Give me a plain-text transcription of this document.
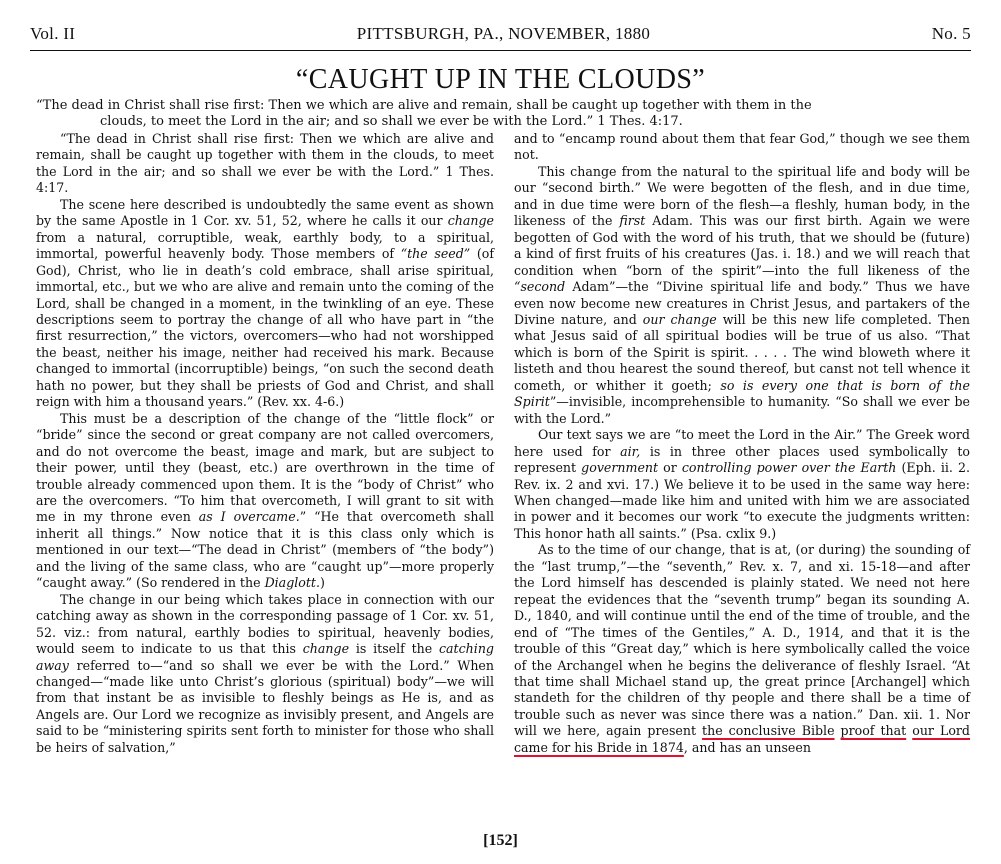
Vol. II	PITTSBURGH, PA., NOVEMBER, 1880	No. 5
“CAUGHT UP IN THE CLOUDS”
“The dead in Christ shall rise first: Then we which are alive and remain, shall be caught up together with them in the
clouds, to meet the Lord in the air; and so shall we ever be with the Lord.” 1 Thes. 4:17.

“The dead in Christ shall rise first: Then we which are alive and remain, shall be caught up together with them in the clouds, to meet the Lord in the air; and so shall we ever be with the Lord.” 1 Thes. 4:17.

The scene here described is undoubtedly the same event as shown by the same Apostle in 1 Cor. xv. 51, 52, where he calls it our change from a natural, corruptible, weak, earthly body, to a spiritual, immortal, powerful heavenly body. Those members of “the seed” (of God), Christ, who lie in death’s cold embrace, shall arise spiritual, immortal, etc., but we who are alive and remain unto the coming of the Lord, shall be changed in a moment, in the twinkling of an eye. These descriptions seem to portray the change of all who have part in “the first resurrection,” the victors, overcomers—who had not worshipped the beast, neither his image, neither had received his mark. Because changed to immortal (incorruptible) beings, “on such the second death hath no power, but they shall be priests of God and Christ, and shall reign with him a thousand years.” (Rev. xx. 4-6.)

This must be a description of the change of the “little flock” or “bride” since the second or great company are not called overcomers, and do not overcome the beast, image and mark, but are subject to their power, until they (beast, etc.) are overthrown in the time of trouble already commenced upon them. It is the “body of Christ” who are the overcomers. “To him that overcometh, I will grant to sit with me in my throne even as I overcame.” “He that overcometh shall inherit all things.” Now notice that it is this class only which is mentioned in our text—“The dead in Christ” (members of “the body”) and the living of the same class, who are “caught up”—more properly “caught away.” (So rendered in the Diaglott.)

The change in our being which takes place in connection with our catching away as shown in the corresponding passage of 1 Cor. xv. 51, 52. viz.: from natural, earthly bodies to spiritual, heavenly bodies, would seem to indicate to us that this change is itself the catching away referred to—“and so shall we ever be with the Lord.” When changed—“made like unto Christ’s glorious (spiritual) body”—we will from that instant be as invisible to fleshly beings as He is, and as Angels are. Our Lord we recognize as invisibly present, and Angels are said to be “ministering spirits sent forth to minister for those who shall be heirs of salvation,”

and to “encamp round about them that fear God,” though we see them not.

This change from the natural to the spiritual life and body will be our “second birth.” We were begotten of the flesh, and in due time, and in due time were born of the flesh—a fleshly, human body, in the likeness of the first Adam. This was our first birth. Again we were begotten of God with the word of his truth, that we should be (future) a kind of first fruits of his creatures (Jas. i. 18.) and we will reach that condition when “born of the spirit”—into the full likeness of the “second Adam”—the “Divine spiritual life and body.” Thus we have even now become new creatures in Christ Jesus, and partakers of the Divine nature, and our change will be this new life completed. Then what Jesus said of all spiritual bodies will be true of us also. “That which is born of the Spirit is spirit. . . . . The wind bloweth where it listeth and thou hearest the sound thereof, but canst not tell whence it cometh, or whither it goeth; so is every one that is born of the Spirit”—invisible, incomprehensible to humanity. “So shall we ever be with the Lord.”

Our text says we are “to meet the Lord in the Air.” The Greek word here used for air, is in three other places used symbolically to represent government or controlling power over the Earth (Eph. ii. 2. Rev. ix. 2 and xvi. 17.) We believe it to be used in the same way here: When changed—made like him and united with him we are associated in power and it becomes our work “to execute the judgments written: This honor hath all saints.” (Psa. cxlix 9.)

As to the time of our change, that is at, (or during) the sounding of the “last trump,”—the “seventh,” Rev. x. 7, and xi. 15-18—and after the Lord himself has descended is plainly stated. We need not here repeat the evidences that the “seventh trump” began its sounding A. D., 1840, and will continue until the end of the time of trouble, and the end of “The times of the Gentiles,” A. D., 1914, and that it is the trouble of this “Great day,” which is here symbolically called the voice of the Archangel when he begins the deliverance of fleshly Israel. “At that time shall Michael stand up, the great prince [Archangel] which standeth for the children of thy people and there shall be a time of trouble such as never was since there was a nation.” Dan. xii. 1. Nor will we here, again present the conclusive Bible proof that our Lord came for his Bride in 1874, and has an unseen

[152]
